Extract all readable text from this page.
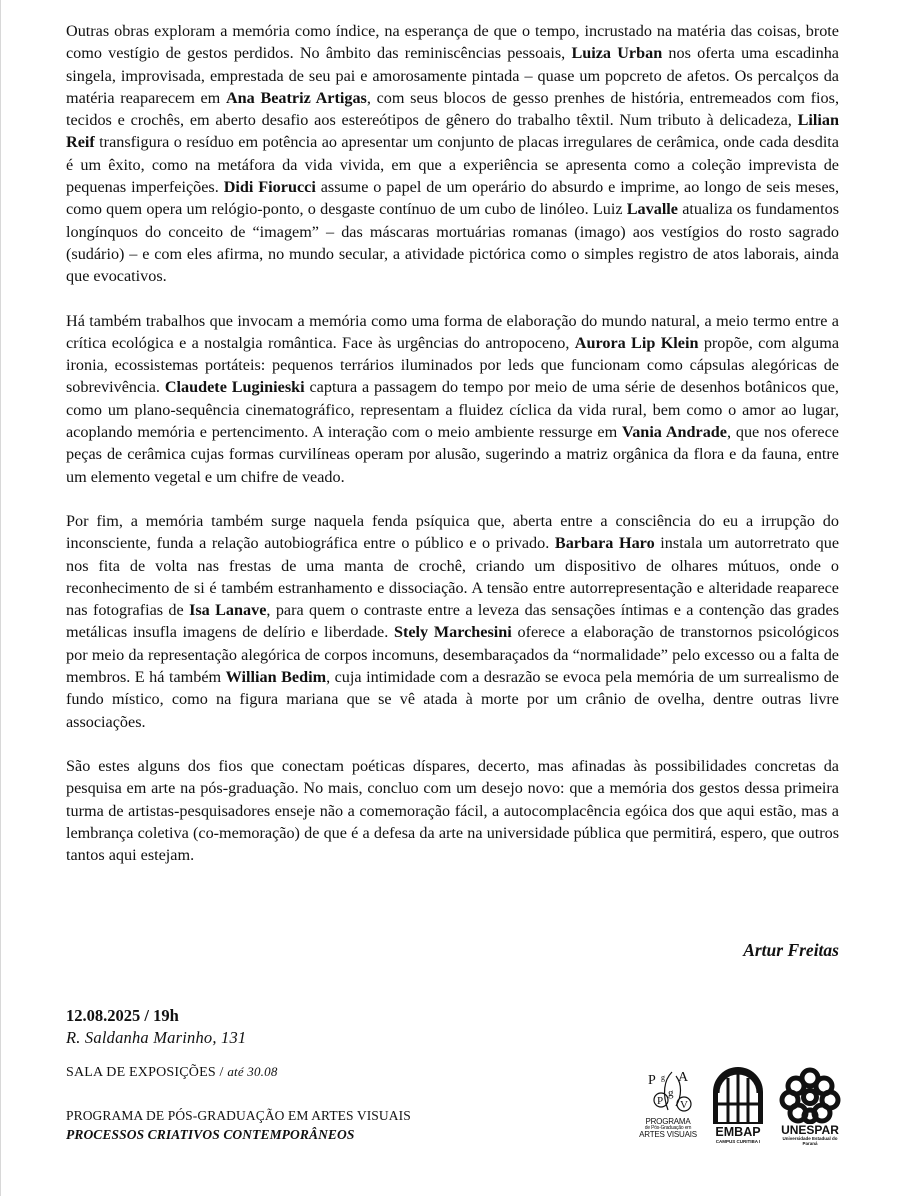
Outras obras exploram a memória como índice, na esperança de que o tempo, incrustado na matéria das coisas, brote como vestígio de gestos perdidos. No âmbito das reminiscências pessoais, Luiza Urban nos oferta uma escadinha singela, improvisada, emprestada de seu pai e amorosamente pintada – quase um popcreto de afetos. Os percalços da matéria reaparecem em Ana Beatriz Artigas, com seus blocos de gesso prenhes de história, entremeados com fios, tecidos e crochês, em aberto desafio aos estereótipos de gênero do trabalho têxtil. Num tributo à delicadeza, Lilian Reif transfigura o resíduo em potência ao apresentar um conjunto de placas irregulares de cerâmica, onde cada desdita é um êxito, como na metáfora da vida vivida, em que a experiência se apresenta como a coleção imprevista de pequenas imperfeições. Didi Fiorucci assume o papel de um operário do absurdo e imprime, ao longo de seis meses, como quem opera um relógio-ponto, o desgaste contínuo de um cubo de linóleo. Luiz Lavalle atualiza os fundamentos longínquos do conceito de “imagem” – das máscaras mortuárias romanas (imago) aos vestígios do rosto sagrado (sudário) – e com eles afirma, no mundo secular, a atividade pictórica como o simples registro de atos laborais, ainda que evocativos.

Há também trabalhos que invocam a memória como uma forma de elaboração do mundo natural, a meio termo entre a crítica ecológica e a nostalgia romântica. Face às urgências do antropoceno, Aurora Lip Klein propõe, com alguma ironia, ecossistemas portáteis: pequenos terrários iluminados por leds que funcionam como cápsulas alegóricas de sobrevivência. Claudete Luginieski captura a passagem do tempo por meio de uma série de desenhos botânicos que, como um plano-sequência cinematográfico, representam a fluidez cíclica da vida rural, bem como o amor ao lugar, acoplando memória e pertencimento. A interação com o meio ambiente ressurge em Vania Andrade, que nos oferece peças de cerâmica cujas formas curvilíneas operam por alusão, sugerindo a matriz orgânica da flora e da fauna, entre um elemento vegetal e um chifre de veado.

Por fim, a memória também surge naquela fenda psíquica que, aberta entre a consciência do eu a irrupção do inconsciente, funda a relação autobiográfica entre o público e o privado. Barbara Haro instala um autorretrato que nos fita de volta nas frestas de uma manta de crochê, criando um dispositivo de olhares mútuos, onde o reconhecimento de si é também estranhamento e dissociação. A tensão entre autorrepresentação e alteridade reaparece nas fotografias de Isa Lanave, para quem o contraste entre a leveza das sensações íntimas e a contenção das grades metálicas insufla imagens de delírio e liberdade. Stely Marchesini oferece a elaboração de transtornos psicológicos por meio da representação alegórica de corpos incomuns, desembaraçados da “normalidade” pelo excesso ou a falta de membros. E há também Willian Bedim, cuja intimidade com a desrazão se evoca pela memória de um surrealismo de fundo místico, como na figura mariana que se vê atada à morte por um crânio de ovelha, dentre outras livre associações.

São estes alguns dos fios que conectam poéticas díspares, decerto, mas afinadas às possibilidades concretas da pesquisa em arte na pós-graduação. No mais, concluo com um desejo novo: que a memória dos gestos dessa primeira turma de artistas-pesquisadores enseje não a comemoração fácil, a autocomplacência egóica dos que aqui estão, mas a lembrança coletiva (co-memoração) de que é a defesa da arte na universidade pública que permitirá, espero, que outros tantos aqui estejam.

Artur Freitas
12.08.2025 / 19h
R. Saldanha Marinho, 131
SALA DE EXPOSIÇÕES / até 30.08
PROGRAMA DE PÓS-GRADUAÇÃO EM ARTES VISUAIS
PROCESSOS CRIATIVOS CONTEMPORÂNEOS
P g A
P
g
V
PROGRAMA
de Pós-Graduação em
ARTES VISUAIS	EMBAP
CAMPUS CURITIBA I
UNESPAR
Universidade Estadual do Paraná
